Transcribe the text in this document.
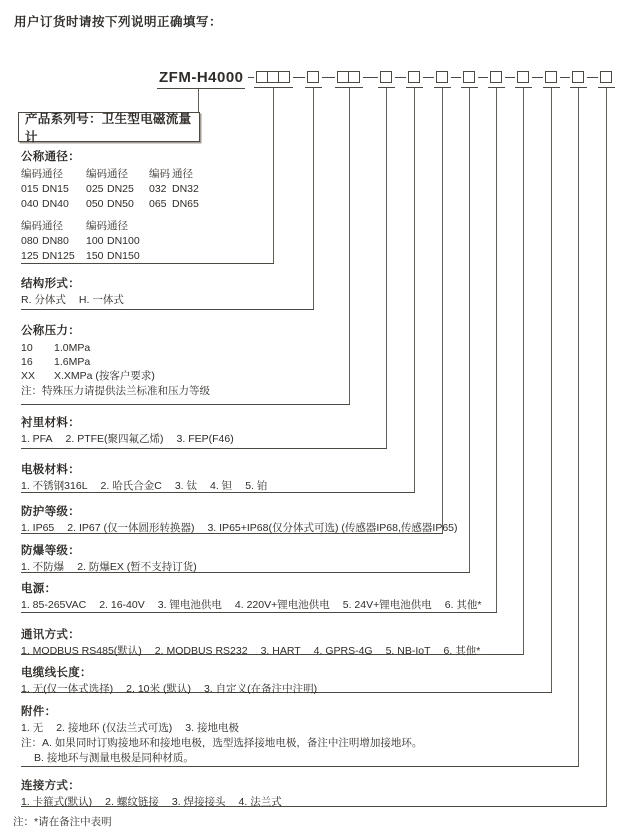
用户订货时请按下列说明正确填写：
ZFM-H4000
产品系列号：卫生型电磁流量计
公称通径：
编码 通径	编码 通径	编码 通径
015 DN15	025 DN25	032 DN32
040 DN40	050 DN50	065 DN65
编码 通径	编码 通径
080 DN80	100 DN100
125 DN125	150 DN150
结构形式：
R. 分体式 H. 一体式
公称压力：
10 1.0MPa
16 1.6MPa
XX X.XMPa (按客户要求)
注：特殊压力请提供法兰标准和压力等级
衬里材料：
1. PFA 2. PTFE(聚四氟乙烯) 3. FEP(F46)
电极材料：
1. 不锈钢316L 2. 哈氏合金C 3. 钛 4. 钽 5. 铂
防护等级：
1. IP65 2. IP67 (仅一体圆形转换器) 3. IP65+IP68(仅分体式可选) (传感器IP68,传感器IP65)
防爆等级：
1. 不防爆 2. 防爆EX (暂不支持订货)
电源：
1. 85-265VAC 2. 16-40V 3. 锂电池供电 4. 220V+锂电池供电 5. 24V+锂电池供电 6. 其他*
通讯方式：
1. MODBUS RS485(默认) 2. MODBUS RS232 3. HART 4. GPRS-4G 5. NB-IoT 6. 其他*
电缆线长度：
1. 无(仅一体式选择) 2. 10米 (默认) 3. 自定义(在备注中注明)
附件：
1. 无 2. 接地环 (仅法兰式可选) 3. 接地电极
注：A. 如果同时订购接地环和接地电极，选型选择接地电极，备注中注明增加接地环。
B. 接地环与测量电极是同种材质。
连接方式：
1. 卡箍式(默认) 2. 螺纹链接 3. 焊接接头 4. 法兰式
注：*请在备注中表明
